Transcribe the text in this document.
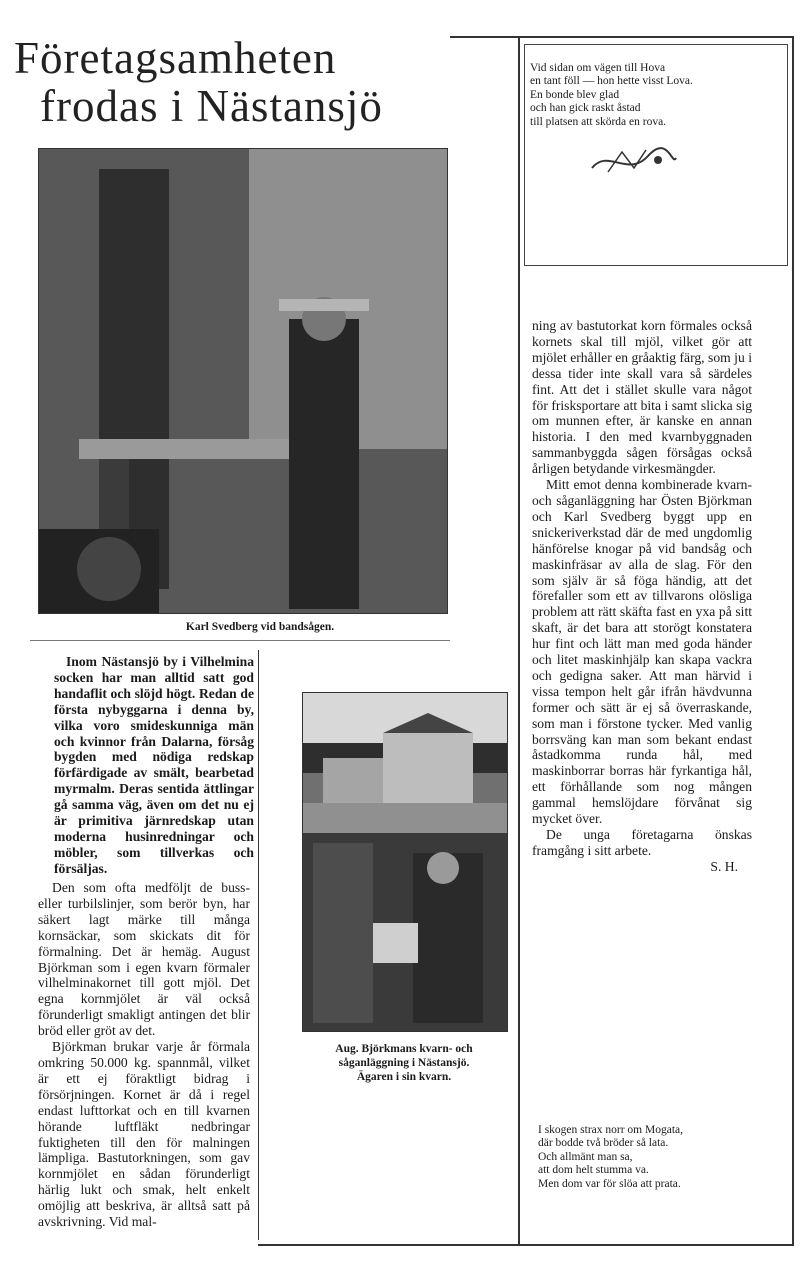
Företagsamheten
frodas i Nästansjö
Karl Svedberg vid bandsågen.
Inom Nästansjö by i Vilhelmina socken har man alltid satt god handaflit och slöjd högt. Redan de första nybyggarna i denna by, vilka voro smideskunniga män och kvinnor från Dalarna, försåg bygden med nödiga redskap förfärdigade av smält, bearbetad myrmalm. Deras sentida ättlingar gå samma väg, även om det nu ej är primitiva järnredskap utan moderna husinredningar och möbler, som tillverkas och försäljas.

Den som ofta medföljt de buss- eller turbilslinjer, som berör byn, har säkert lagt märke till många kornsäckar, som skickats dit för förmalning. Det är hemäg. August Björkman som i egen kvarn förmaler vilhelminakornet till gott mjöl. Det egna kornmjölet är väl också förunderligt smakligt antingen det blir bröd eller gröt av det.

Björkman brukar varje år förmala omkring 50.000 kg. spannmål, vilket är ett ej föraktligt bidrag i försörjningen. Kornet är då i regel endast lufttorkat och en till kvarnen hörande luftfläkt nedbringar fuktigheten till den för malningen lämpliga. Bastutorkningen, som gav kornmjölet en sådan förunderligt härlig lukt och smak, helt enkelt omöjlig att beskriva, är alltså satt på avskrivning. Vid mal-

Aug. Björkmans kvarn- och
såganläggning i Nästansjö.
Ägaren i sin kvarn.
Vid sidan om vägen till Hova
en tant föll — hon hette visst Lova.
En bonde blev glad
och han gick raskt åstad
till platsen att skörda en rova.

ning av bastutorkat korn förmales också kornets skal till mjöl, vilket gör att mjölet erhåller en gråaktig färg, som ju i dessa tider inte skall vara så särdeles fint. Att det i stället skulle vara något för frisksportare att bita i samt slicka sig om munnen efter, är kanske en annan historia. I den med kvarnbyggnaden sammanbyggda sågen försågas också årligen betydande virkesmängder.

Mitt emot denna kombinerade kvarn- och såganläggning har Östen Björkman och Karl Svedberg byggt upp en snickeriverkstad där de med ungdomlig hänförelse knogar på vid bandsåg och maskinfräsar av alla de slag. För den som själv är så föga händig, att det förefaller som ett av tillvarons olösliga problem att rätt skäfta fast en yxa på sitt skaft, är det bara att storögt konstatera hur fint och lätt man med goda händer och litet maskinhjälp kan skapa vackra och gedigna saker. Att man härvid i vissa tempon helt går ifrån hävdvunna former och sätt är ej så överraskande, som man i förstone tycker. Med vanlig borrsväng kan man som bekant endast åstadkomma runda hål, med maskinborrar borras här fyrkantiga hål, ett förhållande som nog mången gammal hemslöjdare förvånat sig mycket över.

De unga företagarna önskas framgång i sitt arbete.

S. H.

I skogen strax norr om Mogata,
där bodde två bröder så lata.
Och allmänt man sa,
att dom helt stumma va.
Men dom var för slöa att prata.
